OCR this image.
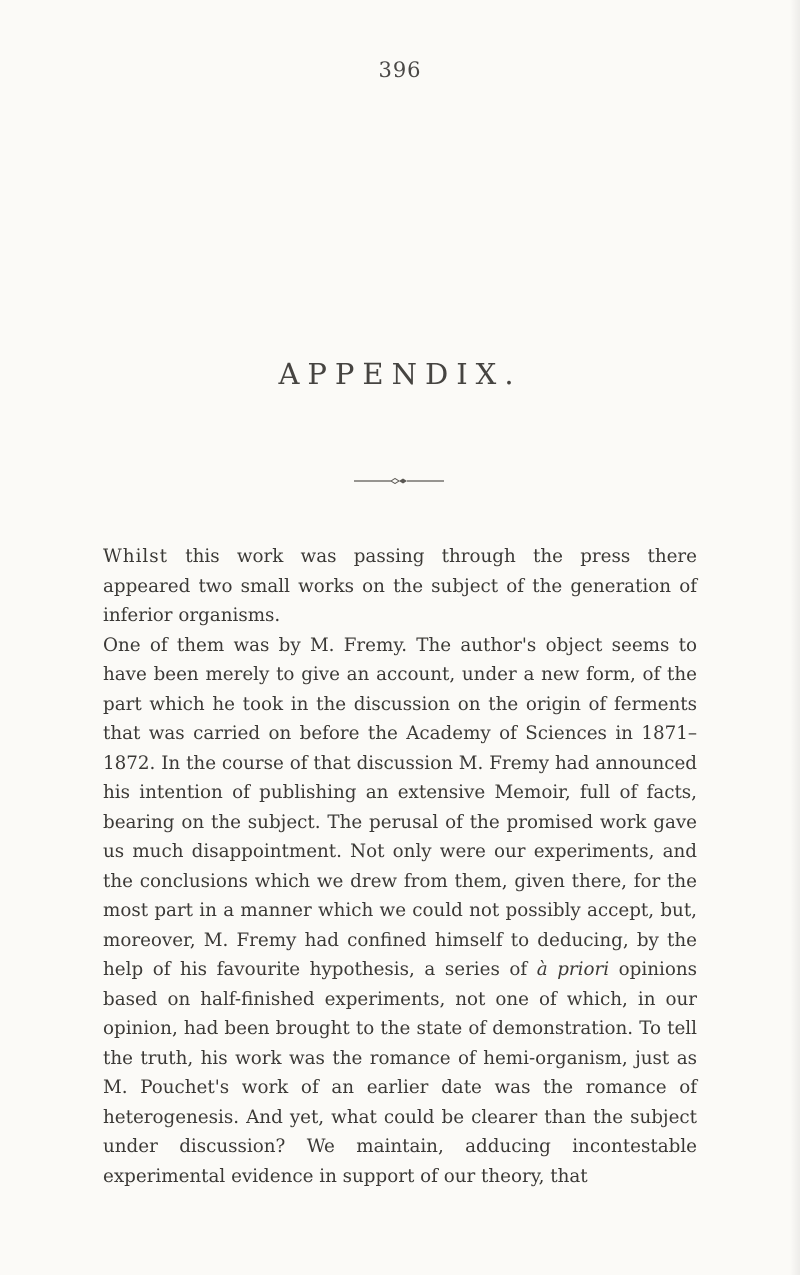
396
APPENDIX.

Whilst this work was passing through the press there appeared two small works on the subject of the generation of inferior organisms.

One of them was by M. Fremy. The author's object seems to have been merely to give an account, under a new form, of the part which he took in the discussion on the origin of ferments that was carried on before the Academy of Sciences in 1871–1872. In the course of that discussion M. Fremy had announced his intention of publishing an extensive Memoir, full of facts, bearing on the subject. The perusal of the promised work gave us much disappointment. Not only were our experiments, and the conclusions which we drew from them, given there, for the most part in a manner which we could not possibly accept, but, moreover, M. Fremy had confined himself to deducing, by the help of his favourite hypothesis, a series of à priori opinions based on half-finished experiments, not one of which, in our opinion, had been brought to the state of demonstration. To tell the truth, his work was the romance of hemi-organism, just as M. Pouchet's work of an earlier date was the romance of heterogenesis. And yet, what could be clearer than the subject under discussion? We maintain, adducing incontestable experimental evidence in support of our theory, that
